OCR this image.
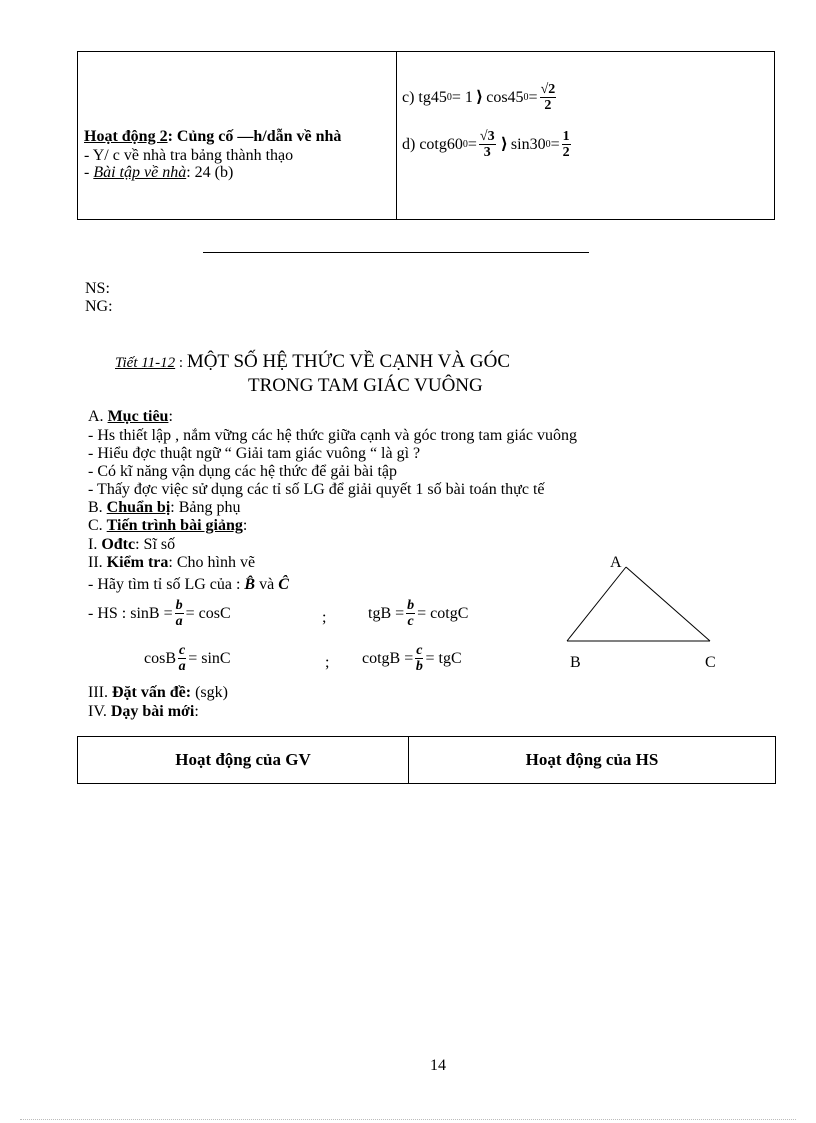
Hoạt động 2: Củng cố —h/dẫn về nhà
- Y/ c về nhà tra bảng thành thạo
- Bài tập về nhà: 24 (b)
c) tg45 0 = 1 ⟩ cos45 $0 = \frac{√2}{2}$
d) cotg60 $0 = \frac{√3}{3}$ ⟩ sin30 $0 = \frac{1}{2}$
NS:
NG:
Tiết 11-12 : MỘT SỐ HỆ THỨC VỀ CẠNH VÀ GÓC
TRONG TAM GIÁC VUÔNG
A. Mục tiêu:
- Hs thiết lập , nắm vững các hệ thức giữa cạnh và góc trong tam giác vuông
- Hiểu đợc thuật ngữ “ Giải tam giác vuông “ là gì ?
- Có kĩ năng vận dụng các hệ thức để gải bài tập
- Thấy đợc việc sử dụng các tỉ số LG để giải quyết 1 số bài toán thực tế
B. Chuẩn bị: Bảng phụ
C. Tiến trình bài giảng:
I. Ođtc: Sĩ số
II. Kiểm tra: Cho hình vẽ
- Hãy tìm tỉ số LG của : B̂ và Ĉ
- HS : $\sin B = \frac{b}{a} = \cos C$	;	tgB = $\frac{b}{c}$ = cotgC
cosB $\frac{c}{a} = \sin C$	; cotgB = $\frac{c}{b}$ = tgC
III. Đặt vấn đề: (sgk)
IV. Dạy bài mới:
A
B	C
Hoạt động của GV	Hoạt động của HS
14
